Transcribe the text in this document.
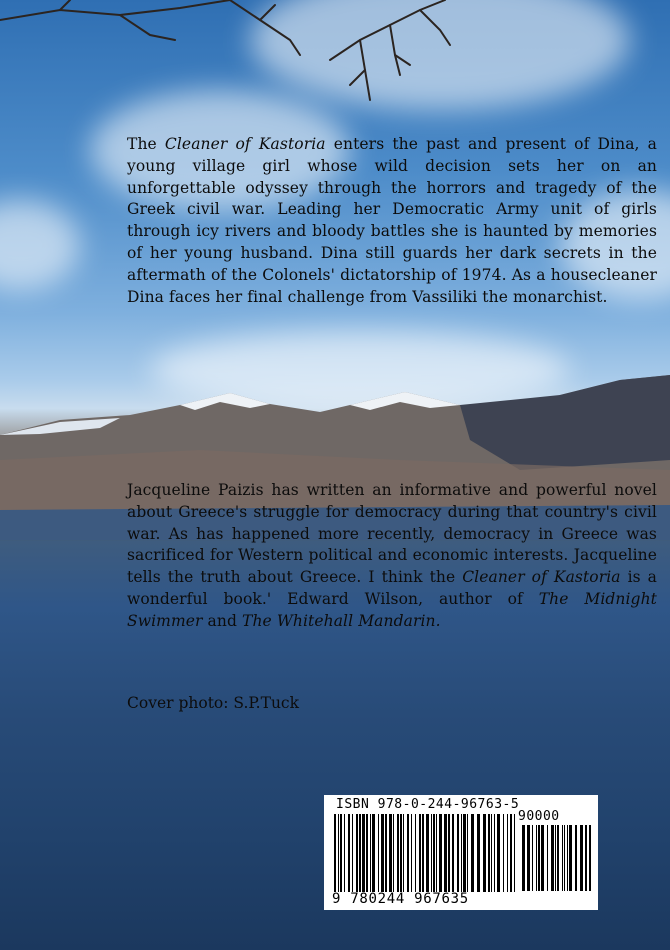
The Cleaner of Kastoria enters the past and present of Dina, a young village girl whose wild decision sets her on an unforgettable odyssey through the horrors and tragedy of the Greek civil war. Leading her Democratic Army unit of girls through icy rivers and bloody battles she is haunted by memories of her young husband. Dina still guards her dark secrets in the aftermath of the Colonels' dictatorship of 1974. As a housecleaner Dina faces her final challenge from Vassiliki the monarchist.

Jacqueline Paizis has written an informative and powerful novel about Greece's struggle for democracy during that country's civil war. As has happened more recently, democracy in Greece was sacrificed for Western political and economic interests. Jacqueline tells the truth about Greece. I think the Cleaner of Kastoria is a wonderful book.' Edward Wilson, author of The Midnight Swimmer and The Whitehall Mandarin.

Cover photo: S.P.Tuck
ISBN 978-0-244-96763-5
90000
9 780244 967635
